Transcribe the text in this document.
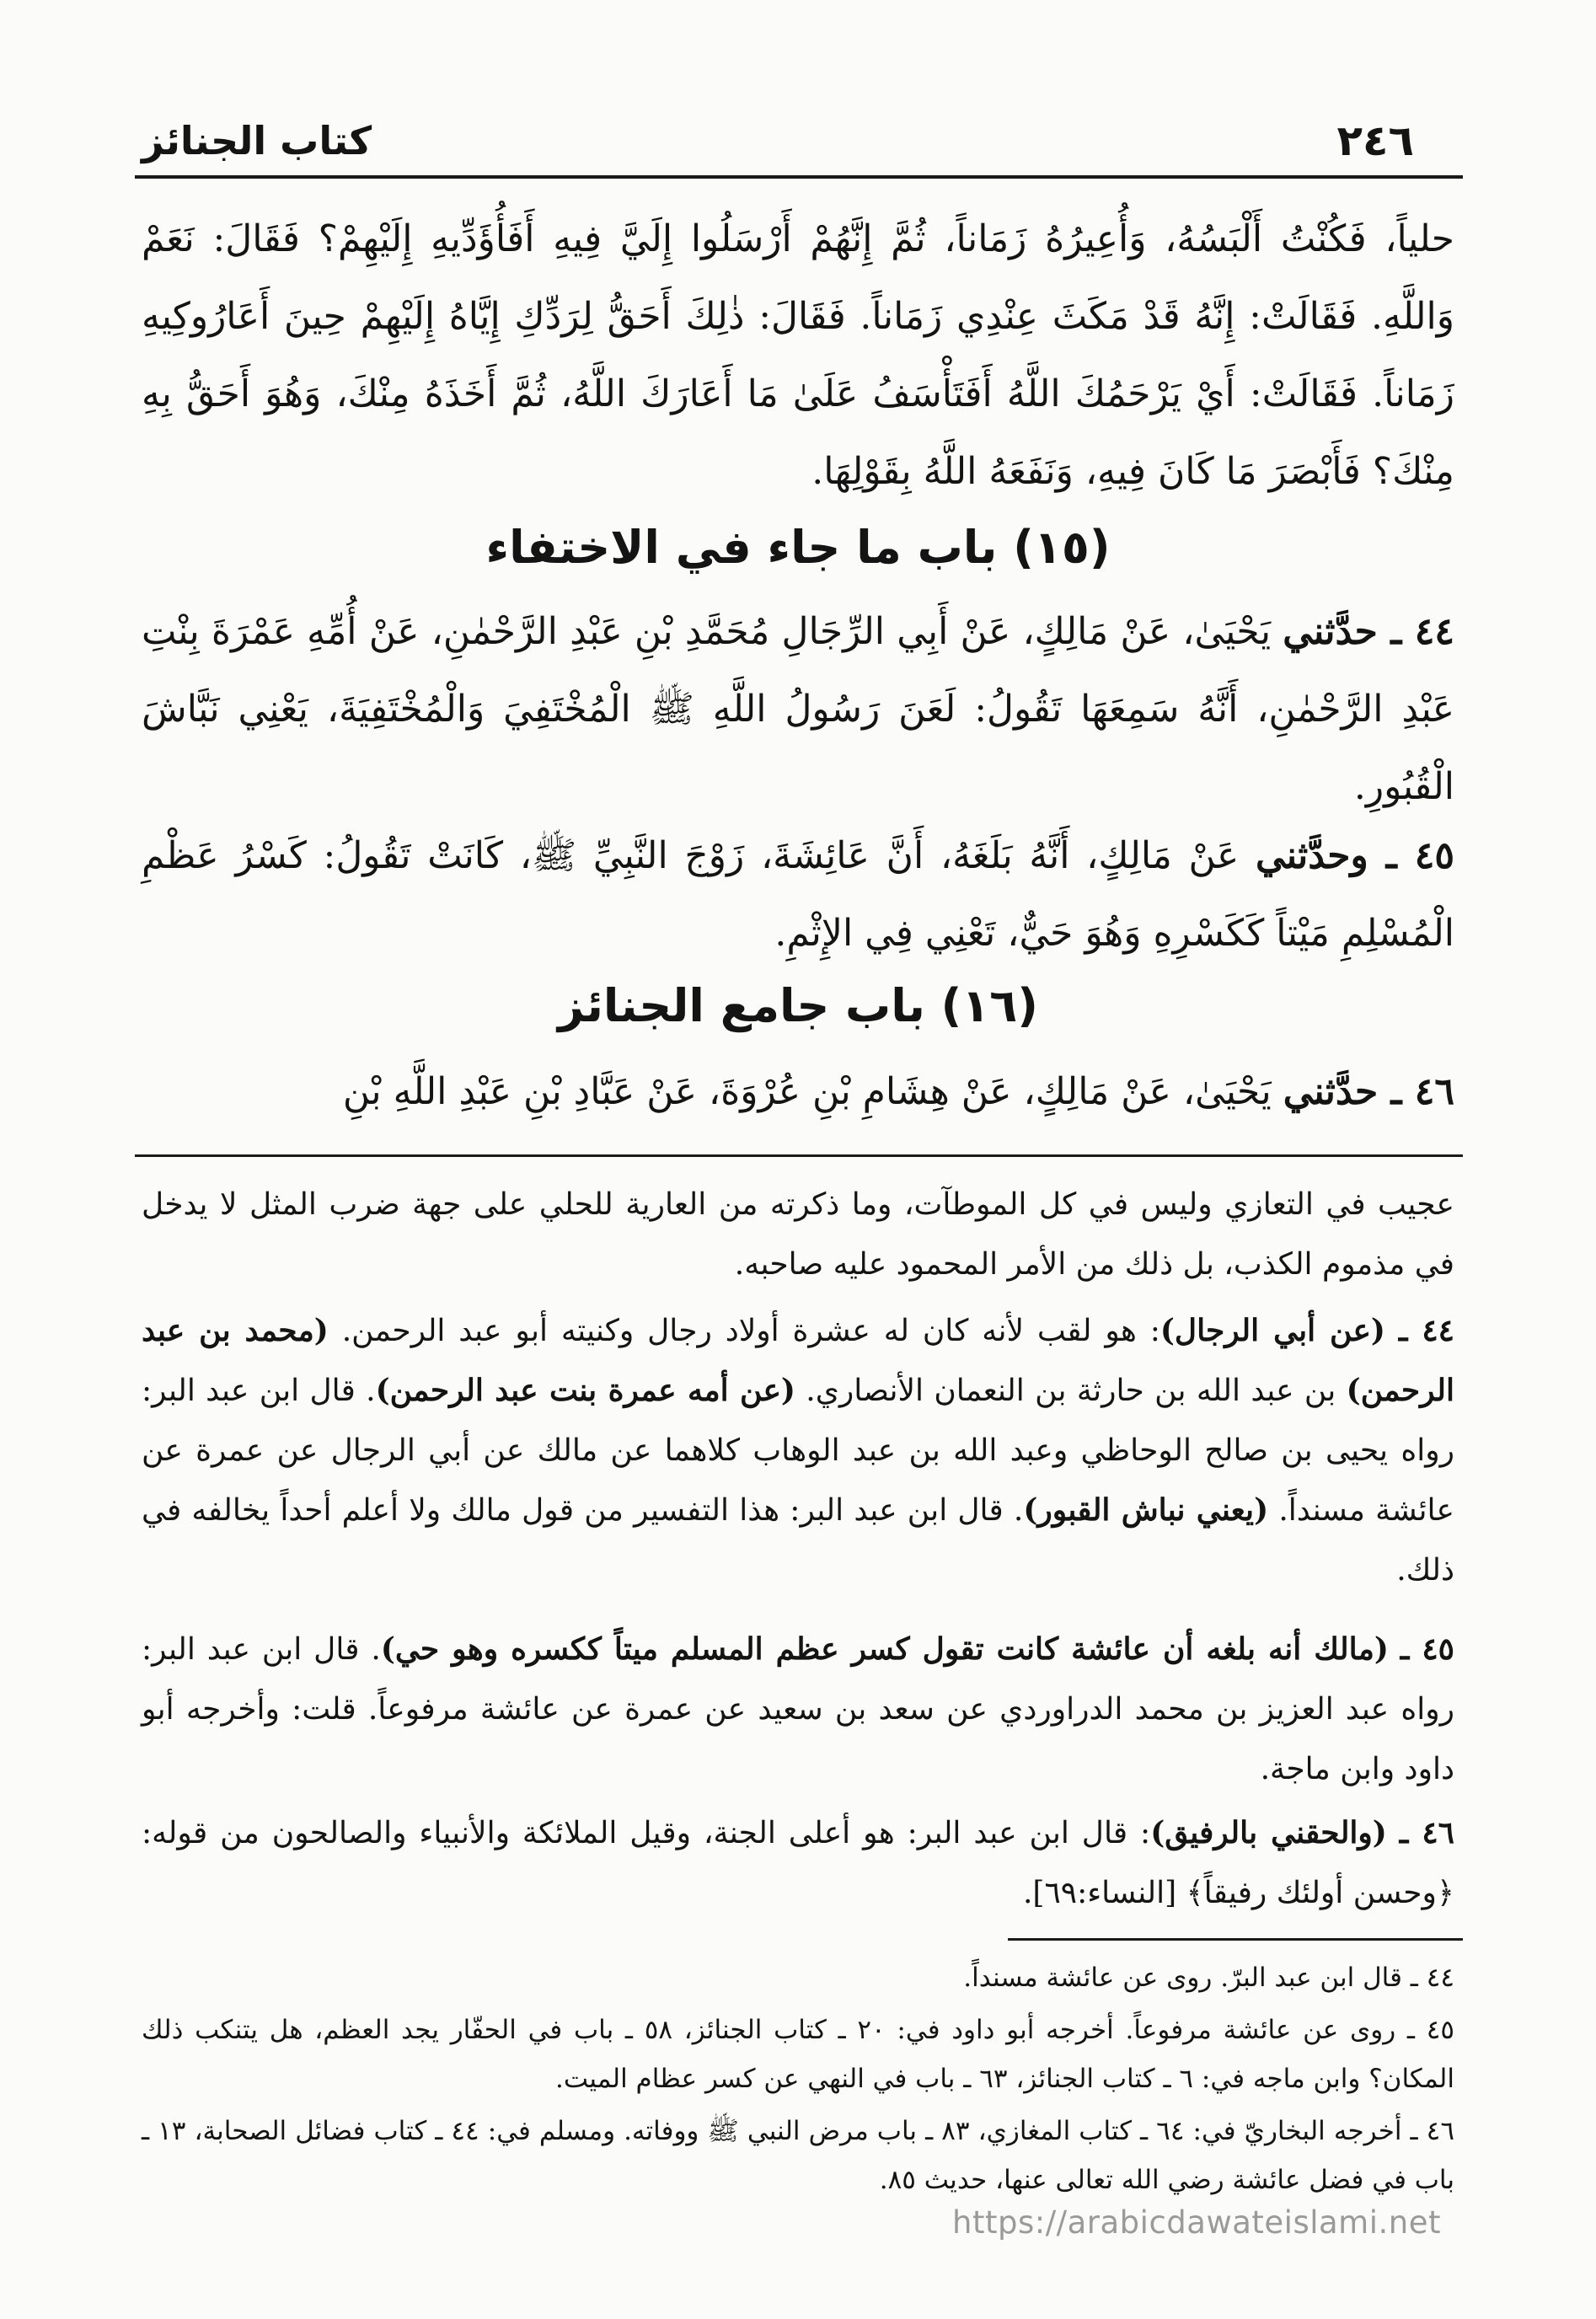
كتاب الجنائز	٢٤٦

حلياً، فَكُنْتُ أَلْبَسُهُ، وَأُعِيرُهُ زَمَاناً، ثُمَّ إِنَّهُمْ أَرْسَلُوا إِلَيَّ فِيهِ أَفَأُؤَدِّيهِ إِلَيْهِمْ؟ فَقَالَ: نَعَمْ وَاللَّهِ. فَقَالَتْ: إِنَّهُ قَدْ مَكَثَ عِنْدِي زَمَاناً. فَقَالَ: ذٰلِكَ أَحَقُّ لِرَدِّكِ إِيَّاهُ إِلَيْهِمْ حِينَ أَعَارُوكِيهِ زَمَاناً. فَقَالَتْ: أَيْ يَرْحَمُكَ اللَّهُ أَفَتَأْسَفُ عَلَىٰ مَا أَعَارَكَ اللَّهُ، ثُمَّ أَخَذَهُ مِنْكَ، وَهُوَ أَحَقُّ بِهِ مِنْكَ؟ فَأَبْصَرَ مَا كَانَ فِيهِ، وَنَفَعَهُ اللَّهُ بِقَوْلِهَا.

(١٥) باب ما جاء في الاختفاء

٤٤ ـ حدَّثني يَحْيَىٰ، عَنْ مَالِكٍ، عَنْ أَبِي الرِّجَالِ مُحَمَّدِ بْنِ عَبْدِ الرَّحْمٰنِ، عَنْ أُمِّهِ عَمْرَةَ بِنْتِ عَبْدِ الرَّحْمٰنِ، أَنَّهُ سَمِعَهَا تَقُولُ: لَعَنَ رَسُولُ اللَّهِ ﷺ الْمُخْتَفِيَ وَالْمُخْتَفِيَةَ، يَعْنِي نَبَّاشَ الْقُبُورِ.

٤٥ ـ وحدَّثني عَنْ مَالِكٍ، أَنَّهُ بَلَغَهُ، أَنَّ عَائِشَةَ، زَوْجَ النَّبِيِّ ﷺ، كَانَتْ تَقُولُ: كَسْرُ عَظْمِ الْمُسْلِمِ مَيْتاً كَكَسْرِهِ وَهُوَ حَيٌّ، تَعْنِي فِي الإِثْمِ.

(١٦) باب جامع الجنائز

٤٦ ـ حدَّثني يَحْيَىٰ، عَنْ مَالِكٍ، عَنْ هِشَامِ بْنِ عُرْوَةَ، عَنْ عَبَّادِ بْنِ عَبْدِ اللَّهِ بْنِ

عجيب في التعازي وليس في كل الموطآت، وما ذكرته من العارية للحلي على جهة ضرب المثل لا يدخل في مذموم الكذب، بل ذلك من الأمر المحمود عليه صاحبه.

٤٤ ـ (عن أبي الرجال): هو لقب لأنه كان له عشرة أولاد رجال وكنيته أبو عبد الرحمن. (محمد بن عبد الرحمن) بن عبد الله بن حارثة بن النعمان الأنصاري. (عن أمه عمرة بنت عبد الرحمن). قال ابن عبد البر: رواه يحيى بن صالح الوحاظي وعبد الله بن عبد الوهاب كلاهما عن مالك عن أبي الرجال عن عمرة عن عائشة مسنداً. (يعني نباش القبور). قال ابن عبد البر: هذا التفسير من قول مالك ولا أعلم أحداً يخالفه في ذلك.

٤٥ ـ (مالك أنه بلغه أن عائشة كانت تقول كسر عظم المسلم ميتاً ككسره وهو حي). قال ابن عبد البر: رواه عبد العزيز بن محمد الدراوردي عن سعد بن سعيد عن عمرة عن عائشة مرفوعاً. قلت: وأخرجه أبو داود وابن ماجة.

٤٦ ـ (والحقني بالرفيق): قال ابن عبد البر: هو أعلى الجنة، وقيل الملائكة والأنبياء والصالحون من قوله: ﴿وحسن أولئك رفيقاً﴾ [النساء:٦٩].

٤٤ ـ قال ابن عبد البرّ. روى عن عائشة مسنداً.

٤٥ ـ روى عن عائشة مرفوعاً. أخرجه أبو داود في: ٢٠ ـ كتاب الجنائز، ٥٨ ـ باب في الحفّار يجد العظم، هل يتنكب ذلك المكان؟ وابن ماجه في: ٦ ـ كتاب الجنائز، ٦٣ ـ باب في النهي عن كسر عظام الميت.

٤٦ ـ أخرجه البخاريّ في: ٦٤ ـ كتاب المغازي، ٨٣ ـ باب مرض النبي ﷺ ووفاته. ومسلم في: ٤٤ ـ كتاب فضائل الصحابة، ١٣ ـ باب في فضل عائشة رضي الله تعالى عنها، حديث ٨٥.

https://arabicdawateislami.net
